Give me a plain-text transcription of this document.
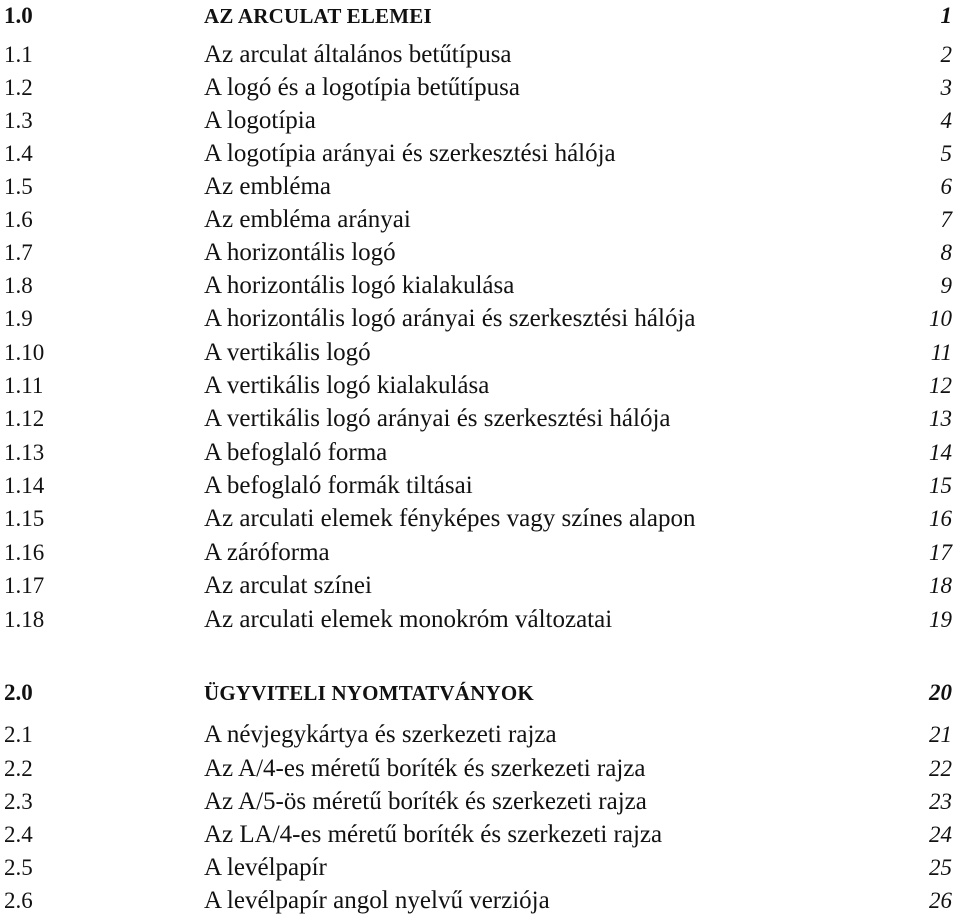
1.0	AZ ARCULAT ELEMEI	1
1.1	Az arculat általános betűtípusa	2
1.2	A logó és a logotípia betűtípusa	3
1.3	A logotípia	4
1.4	A logotípia arányai és szerkesztési hálója	5
1.5	Az embléma	6
1.6	Az embléma arányai	7
1.7	A horizontális logó	8
1.8	A horizontális logó kialakulása	9
1.9	A horizontális logó arányai és szerkesztési hálója	10
1.10	A vertikális logó	11
1.11	A vertikális logó kialakulása	12
1.12	A vertikális logó arányai és szerkesztési hálója	13
1.13	A befoglaló forma	14
1.14	A befoglaló formák tiltásai	15
1.15	Az arculati elemek fényképes vagy színes alapon	16
1.16	A záróforma	17
1.17	Az arculat színei	18
1.18	Az arculati elemek monokróm változatai	19
2.0	ÜGYVITELI NYOMTATVÁNYOK	20
2.1	A névjegykártya és szerkezeti rajza	21
2.2	Az A/4-es méretű boríték és szerkezeti rajza	22
2.3	Az A/5-ös méretű boríték és szerkezeti rajza	23
2.4	Az LA/4-es méretű boríték és szerkezeti rajza	24
2.5	A levélpapír	25
2.6	A levélpapír angol nyelvű verziója	26
